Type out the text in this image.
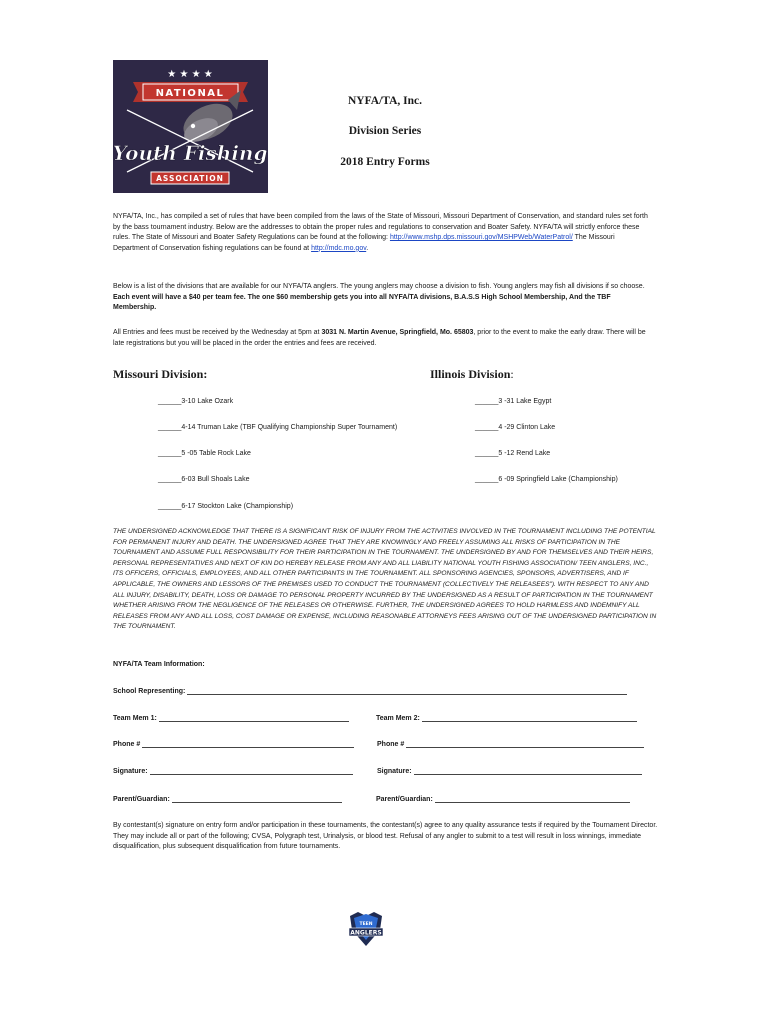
★ ★ ★ ★
NATIONAL
Youth Fishing
ASSOCIATION
NYFA/TA, Inc.
Division Series
2018 Entry Forms
NYFA/TA, Inc., has compiled a set of rules that have been compiled from the laws of the State of Missouri, Missouri Department of Conservation, and standard rules set forth by the bass tournament industry. Below are the addresses to obtain the proper rules and regulations to conservation and Boater Safety. NYFA/TA will strictly enforce these rules. The State of Missouri and Boater Safety Regulations can be found at the following: http://www.mshp.dps.missouri.gov/MSHPWeb/WaterPatrol/ The Missouri Department of Conservation fishing regulations can be found at http://mdc.mo.gov.
Below is a list of the divisions that are available for our NYFA/TA anglers. The young anglers may choose a division to fish. Young anglers may fish all divisions if so choose. Each event will have a $40 per team fee. The one $60 membership gets you into all NYFA/TA divisions, B.A.S.S High School Membership, And the TBF Membership.
All Entries and fees must be received by the Wednesday at 5pm at 3031 N. Martin Avenue, Springfield, Mo. 65803, prior to the event to make the early draw. There will be late registrations but you will be placed in the order the entries and fees are received.
Missouri Division:	Illinois Division:
______3-10 Lake Ozark
______4-14 Truman Lake (TBF Qualifying Championship Super Tournament)
______5 -05 Table Rock Lake
______6-03 Bull Shoals Lake
______6-17 Stockton Lake (Championship)
______3 -31 Lake Egypt
______4 -29 Clinton Lake
______5 -12 Rend Lake
______6 -09 Springfield Lake (Championship)
THE UNDERSIGNED ACKNOWLEDGE THAT THERE IS A SIGNIFICANT RISK OF INJURY FROM THE ACTIVITIES INVOLVED IN THE TOURNAMENT INCLUDING THE POTENTIAL FOR PERMANENT INJURY AND DEATH. THE UNDERSIGNED AGREE THAT THEY ARE KNOWINGLY AND FREELY ASSUMING ALL RISKS OF PARTICIPATION IN THE TOURNAMENT AND ASSUME FULL RESPONSIBILITY FOR THEIR PARTICIPATION IN THE TOURNAMENT. THE UNDERSIGNED BY AND FOR THEMSELVES AND THEIR HEIRS, PERSONAL REPRESENTATIVES AND NEXT OF KIN DO HEREBY RELEASE FROM ANY AND ALL LIABILITY NATIONAL YOUTH FISHING ASSOCIATION/ TEEN ANGLERS, INC., ITS OFFICERS, OFFICIALS, EMPLOYEES, AND ALL OTHER PARTICIPANTS IN THE TOURNAMENT. ALL SPONSORING AGENCIES, SPONSORS, ADVERTISERS, AND IF APPLICABLE, THE OWNERS AND LESSORS OF THE PREMISES USED TO CONDUCT THE TOURNAMENT (COLLECTIVELY THE RELEASEES"). WITH RESPECT TO ANY AND ALL INJURY, DISABILITY, DEATH, LOSS OR DAMAGE TO PERSONAL PROPERTY INCURRED BY THE UNDERSIGNED AS A RESULT OF PARTICIPATION IN THE TOURNAMENT WHETHER ARISING FROM THE NEGLIGENCE OF THE RELEASES OR OTHERWISE. FURTHER, THE UNDERSIGNED AGREES TO HOLD HARMLESS AND INDEMNIFY ALL RELEASES FROM ANY AND ALL LOSS, COST DAMAGE OR EXPENSE, INCLUDING REASONABLE ATTORNEYS FEES ARISING OUT OF THE UNDERSIGNED PARTICIPATION IN THE TOURNAMENT.
NYFA/TA Team Information:
School Representing:
Team Mem 1:	Team Mem 2:
Phone #	Phone #
Signature:	Signature:
Parent/Guardian:	Parent/Guardian:
By contestant(s) signature on entry form and/or participation in these tournaments, the contestant(s) agree to any quality assurance tests if required by the Tournament Director. They may include all or part of the following; CVSA, Polygraph test, Urinalysis, or blood test. Refusal of any angler to submit to a test will result in loss winnings, immediate disqualification, plus subsequent disqualification from future tournaments.
TEEN
ANGLERS
